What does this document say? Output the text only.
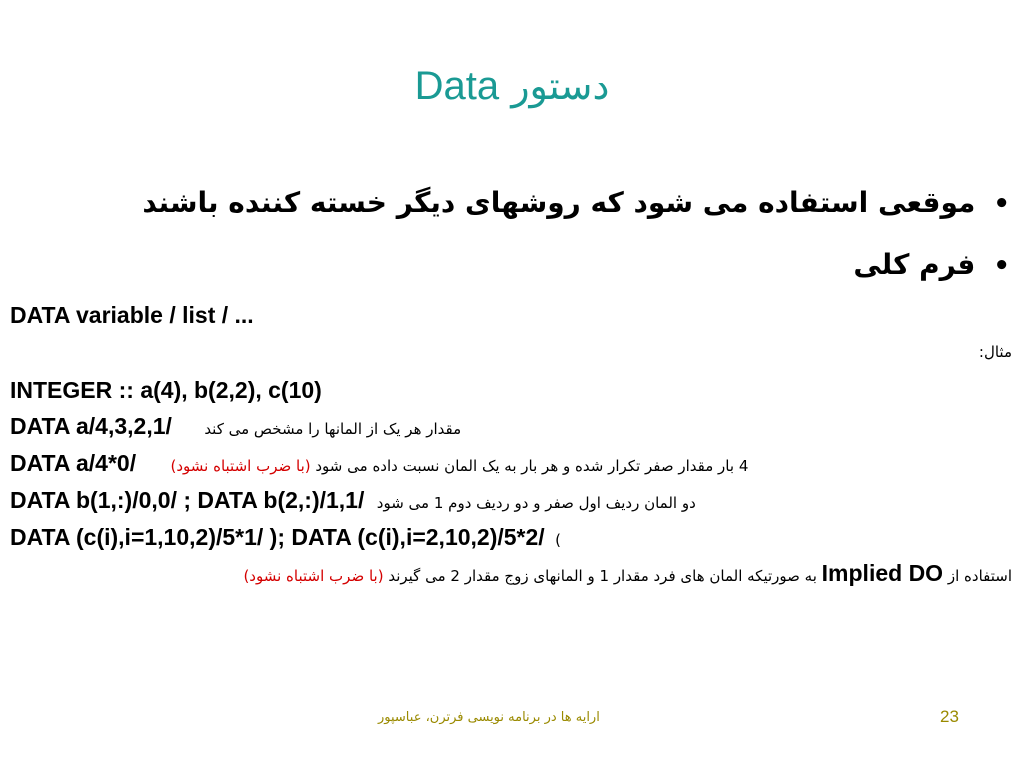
دستور Data
•موقعی استفاده می شود که روشهای دیگر خسته کننده باشند
•فرم کلی
DATA variable / list / ...
مثال:
INTEGER :: a(4), b(2,2), c(10)
DATA a/4,3,2,1/ مقدار هر یک از المانها را مشخص می کند
DATA a/4*0/	4 بار مقدار صفر تکرار شده و هر بار به یک المان نسبت داده می شود (با ضرب اشتباه نشود)
DATA b(1,:)/0,0/ ; DATA b(2,:)/1,1/ دو المان ردیف اول صفر و دو ردیف دوم 1 می شود
DATA (c(i),i=1,10,2)/5*1/ ); DATA (c(i),i=2,10,2)/5*2/ )
استفاده از Implied DO به صورتیکه المان های فرد مقدار 1 و المانهای زوج مقدار 2 می گیرند (با ضرب اشتباه نشود)
ارایه ها در برنامه نویسی فرترن، عباسپور	23
